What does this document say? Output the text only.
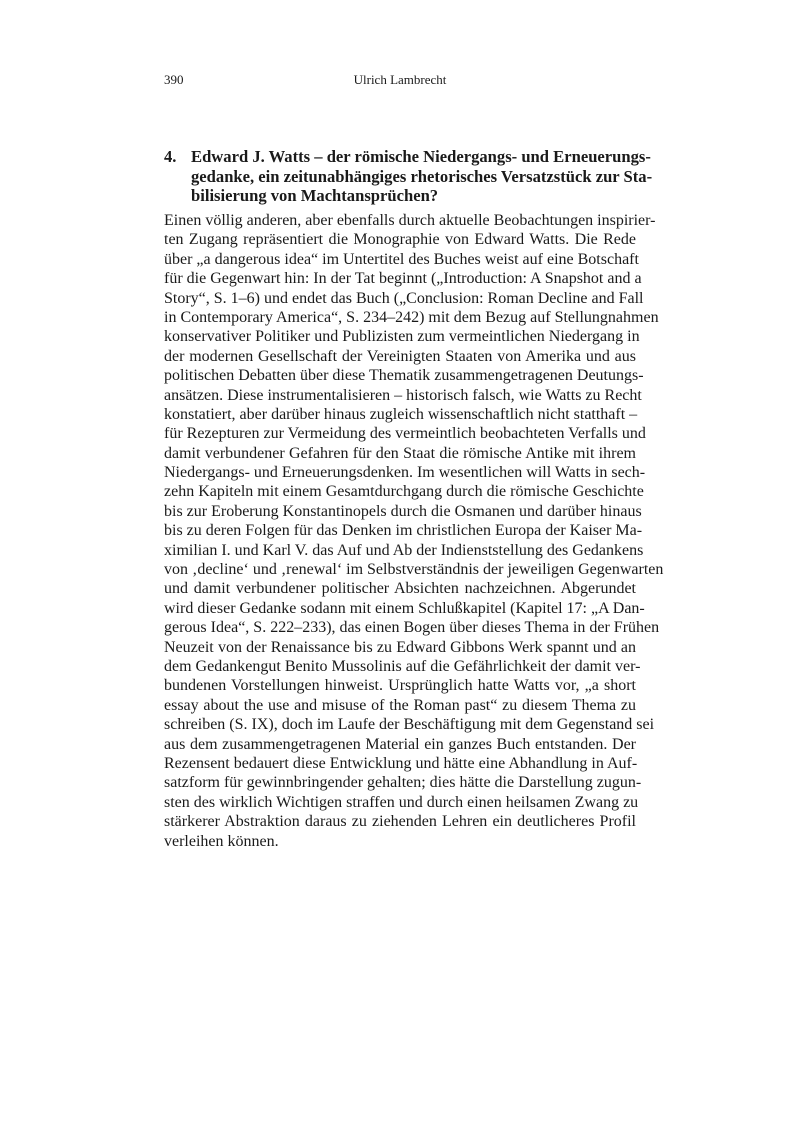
390	Ulrich Lambrecht
4. Edward J. Watts – der römische Niedergangs- und Erneuerungs-
gedanke, ein zeitunabhängiges rhetorisches Versatzstück zur Sta-
bilisierung von Machtansprüchen?
Einen völlig anderen, aber ebenfalls durch aktuelle Beobachtungen inspirier-
ten Zugang repräsentiert die Monographie von Edward Watts. Die Rede
über „a dangerous idea“ im Untertitel des Buches weist auf eine Botschaft
für die Gegenwart hin: In der Tat beginnt („Introduction: A Snapshot and a
Story“, S. 1–6) und endet das Buch („Conclusion: Roman Decline and Fall
in Contemporary America“, S. 234–242) mit dem Bezug auf Stellungnahmen
konservativer Politiker und Publizisten zum vermeintlichen Niedergang in
der modernen Gesellschaft der Vereinigten Staaten von Amerika und aus
politischen Debatten über diese Thematik zusammengetragenen Deutungs-
ansätzen. Diese instrumentalisieren – historisch falsch, wie Watts zu Recht
konstatiert, aber darüber hinaus zugleich wissenschaftlich nicht statthaft –
für Rezepturen zur Vermeidung des vermeintlich beobachteten Verfalls und
damit verbundener Gefahren für den Staat die römische Antike mit ihrem
Niedergangs- und Erneuerungsdenken. Im wesentlichen will Watts in sech-
zehn Kapiteln mit einem Gesamtdurchgang durch die römische Geschichte
bis zur Eroberung Konstantinopels durch die Osmanen und darüber hinaus
bis zu deren Folgen für das Denken im christlichen Europa der Kaiser Ma-
ximilian I. und Karl V. das Auf und Ab der Indienststellung des Gedankens
von ‚decline‘ und ‚renewal‘ im Selbstverständnis der jeweiligen Gegenwarten
und damit verbundener politischer Absichten nachzeichnen. Abgerundet
wird dieser Gedanke sodann mit einem Schlußkapitel (Kapitel 17: „A Dan-
gerous Idea“, S. 222–233), das einen Bogen über dieses Thema in der Frühen
Neuzeit von der Renaissance bis zu Edward Gibbons Werk spannt und an
dem Gedankengut Benito Mussolinis auf die Gefährlichkeit der damit ver-
bundenen Vorstellungen hinweist. Ursprünglich hatte Watts vor, „a short
essay about the use and misuse of the Roman past“ zu diesem Thema zu
schreiben (S. IX), doch im Laufe der Beschäftigung mit dem Gegenstand sei
aus dem zusammengetragenen Material ein ganzes Buch entstanden. Der
Rezensent bedauert diese Entwicklung und hätte eine Abhandlung in Auf-
satzform für gewinnbringender gehalten; dies hätte die Darstellung zugun-
sten des wirklich Wichtigen straffen und durch einen heilsamen Zwang zu
stärkerer Abstraktion daraus zu ziehenden Lehren ein deutlicheres Profil
verleihen können.
